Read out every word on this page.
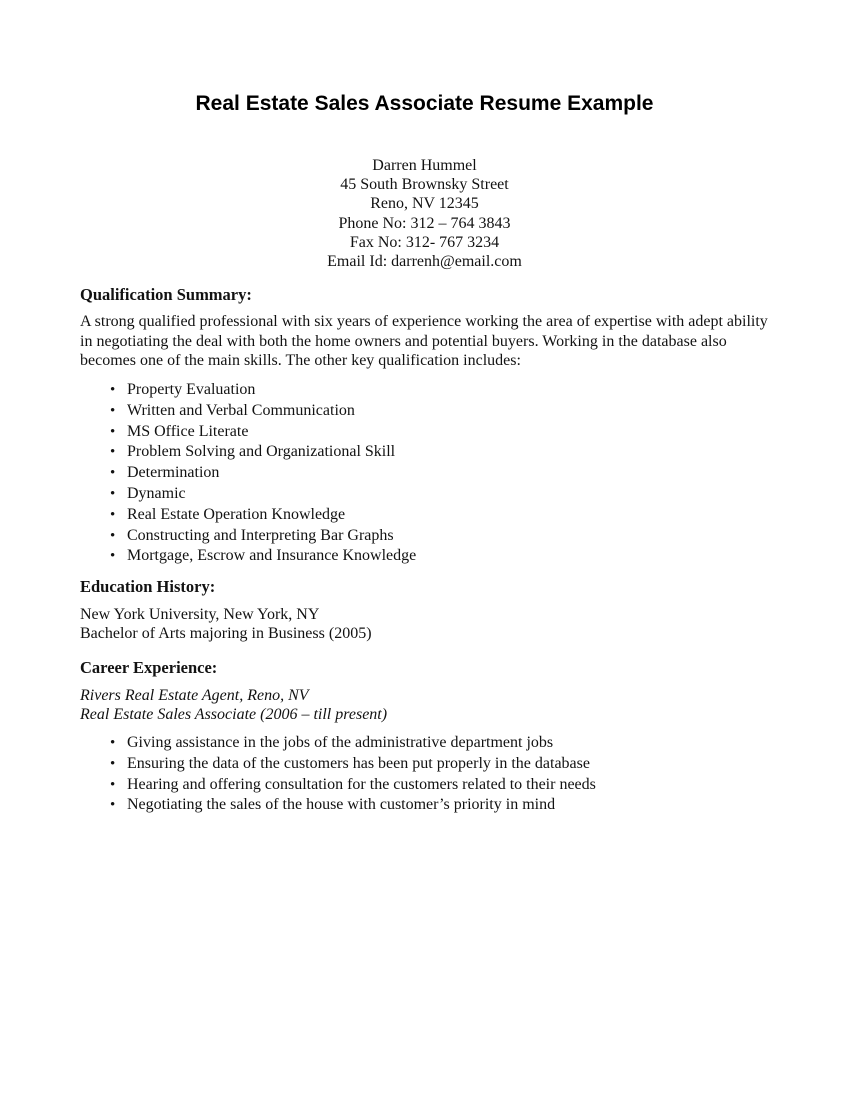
Real Estate Sales Associate Resume Example
Darren Hummel
45 South Brownsky Street
Reno, NV 12345
Phone No: 312 – 764 3843
Fax No: 312- 767 3234
Email Id: darrenh@email.com

Qualification Summary:

A strong qualified professional with six years of experience working the area of expertise with adept ability in negotiating the deal with both the home owners and potential buyers. Working in the database also becomes one of the main skills. The other key qualification includes:

• Property Evaluation
• Written and Verbal Communication
• MS Office Literate
• Problem Solving and Organizational Skill
• Determination
• Dynamic
• Real Estate Operation Knowledge
• Constructing and Interpreting Bar Graphs
• Mortgage, Escrow and Insurance Knowledge

Education History:

New York University, New York, NY
Bachelor of Arts majoring in Business (2005)

Career Experience:

Rivers Real Estate Agent, Reno, NV
Real Estate Sales Associate (2006 – till present)
• Giving assistance in the jobs of the administrative department jobs
• Ensuring the data of the customers has been put properly in the database
• Hearing and offering consultation for the customers related to their needs
• Negotiating the sales of the house with customer’s priority in mind
